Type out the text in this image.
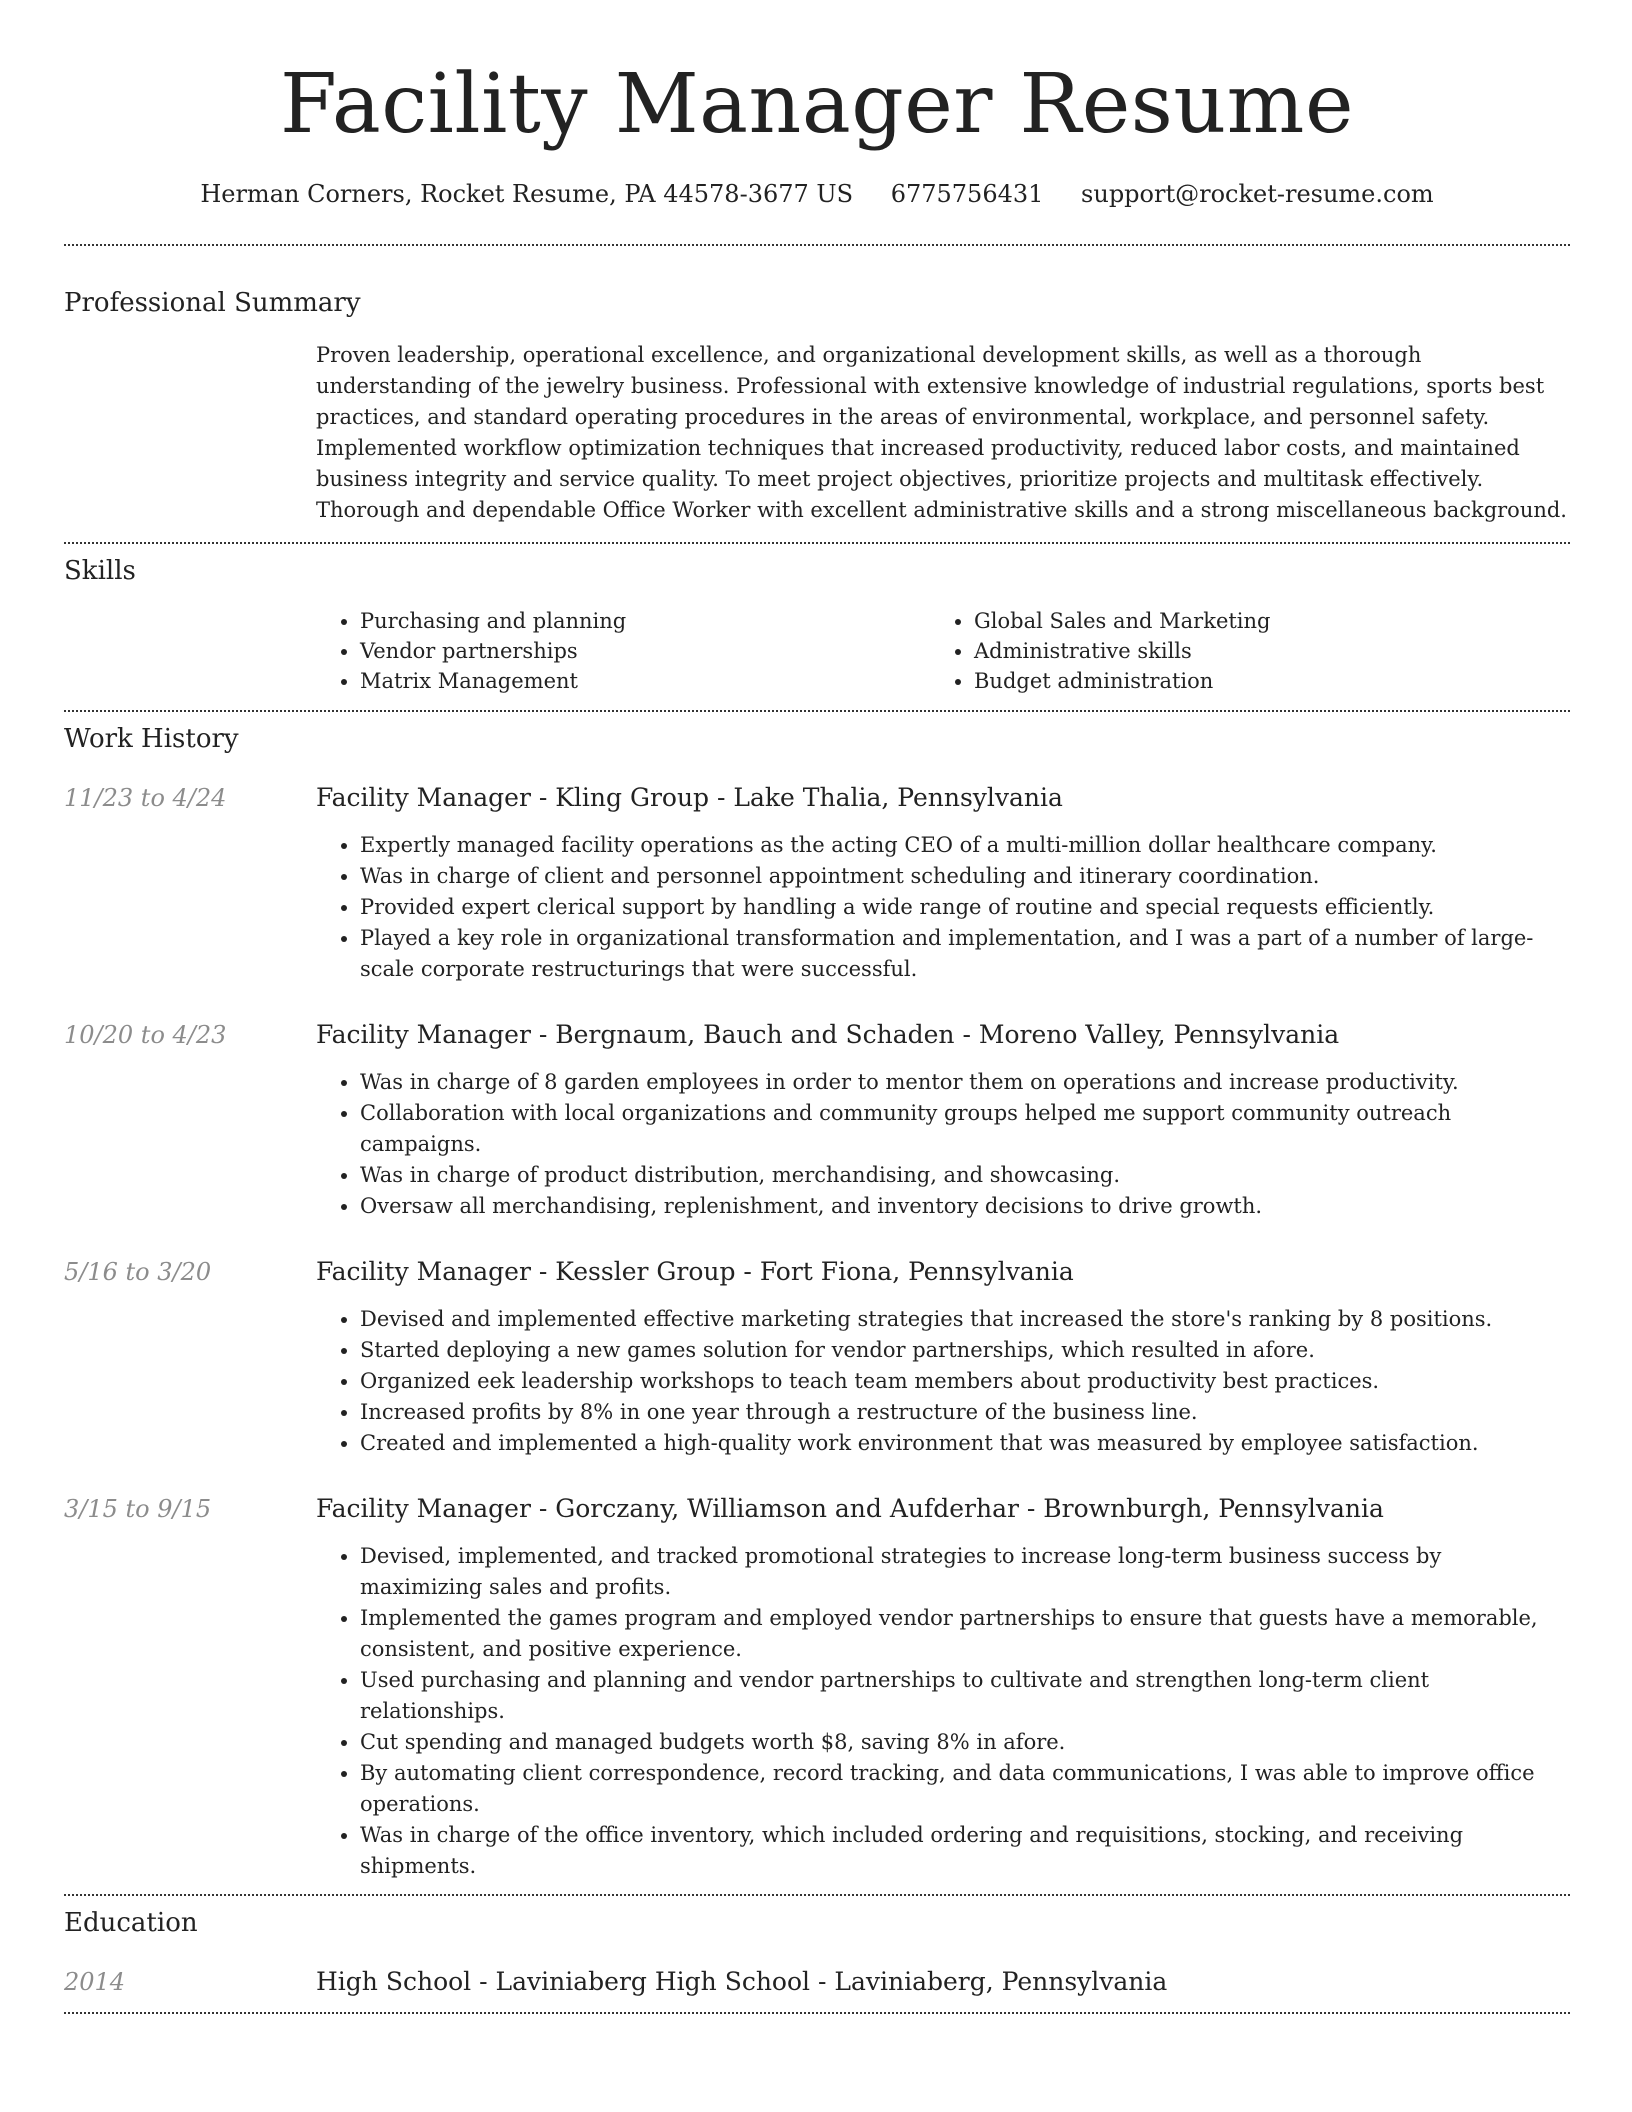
Facility Manager Resume
Herman Corners, Rocket Resume, PA 44578-3677 US 6775756431 support@rocket-resume.com
Professional Summary
Proven leadership, operational excellence, and organizational development skills, as well as a thorough understanding of the jewelry business. Professional with extensive knowledge of industrial regulations, sports best practices, and standard operating procedures in the areas of environmental, workplace, and personnel safety. Implemented workflow optimization techniques that increased productivity, reduced labor costs, and maintained business integrity and service quality. To meet project objectives, prioritize projects and multitask effectively. Thorough and dependable Office Worker with excellent administrative skills and a strong miscellaneous background.
Skills
• Purchasing and planning
• Vendor partnerships
• Matrix Management
• Global Sales and Marketing
• Administrative skills
• Budget administration
Work History
11/23 to 4/24	Facility Manager - Kling Group - Lake Thalia, Pennsylvania
• Expertly managed facility operations as the acting CEO of a multi-million dollar healthcare company.
• Was in charge of client and personnel appointment scheduling and itinerary coordination.
• Provided expert clerical support by handling a wide range of routine and special requests efficiently.
• Played a key role in organizational transformation and implementation, and I was a part of a number of large-scale corporate restructurings that were successful.
10/20 to 4/23	Facility Manager - Bergnaum, Bauch and Schaden - Moreno Valley, Pennsylvania
• Was in charge of 8 garden employees in order to mentor them on operations and increase productivity.
• Collaboration with local organizations and community groups helped me support community outreach campaigns.
• Was in charge of product distribution, merchandising, and showcasing.
• Oversaw all merchandising, replenishment, and inventory decisions to drive growth.
5/16 to 3/20	Facility Manager - Kessler Group - Fort Fiona, Pennsylvania
• Devised and implemented effective marketing strategies that increased the store's ranking by 8 positions.
• Started deploying a new games solution for vendor partnerships, which resulted in afore.
• Organized eek leadership workshops to teach team members about productivity best practices.
• Increased profits by 8% in one year through a restructure of the business line.
• Created and implemented a high-quality work environment that was measured by employee satisfaction.
3/15 to 9/15	Facility Manager - Gorczany, Williamson and Aufderhar - Brownburgh, Pennsylvania
• Devised, implemented, and tracked promotional strategies to increase long-term business success by maximizing sales and profits.
• Implemented the games program and employed vendor partnerships to ensure that guests have a memorable, consistent, and positive experience.
• Used purchasing and planning and vendor partnerships to cultivate and strengthen long-term client relationships.
• Cut spending and managed budgets worth $8, saving 8% in afore.
• By automating client correspondence, record tracking, and data communications, I was able to improve office operations.
• Was in charge of the office inventory, which included ordering and requisitions, stocking, and receiving shipments.
Education
2014	High School - Laviniaberg High School - Laviniaberg, Pennsylvania
